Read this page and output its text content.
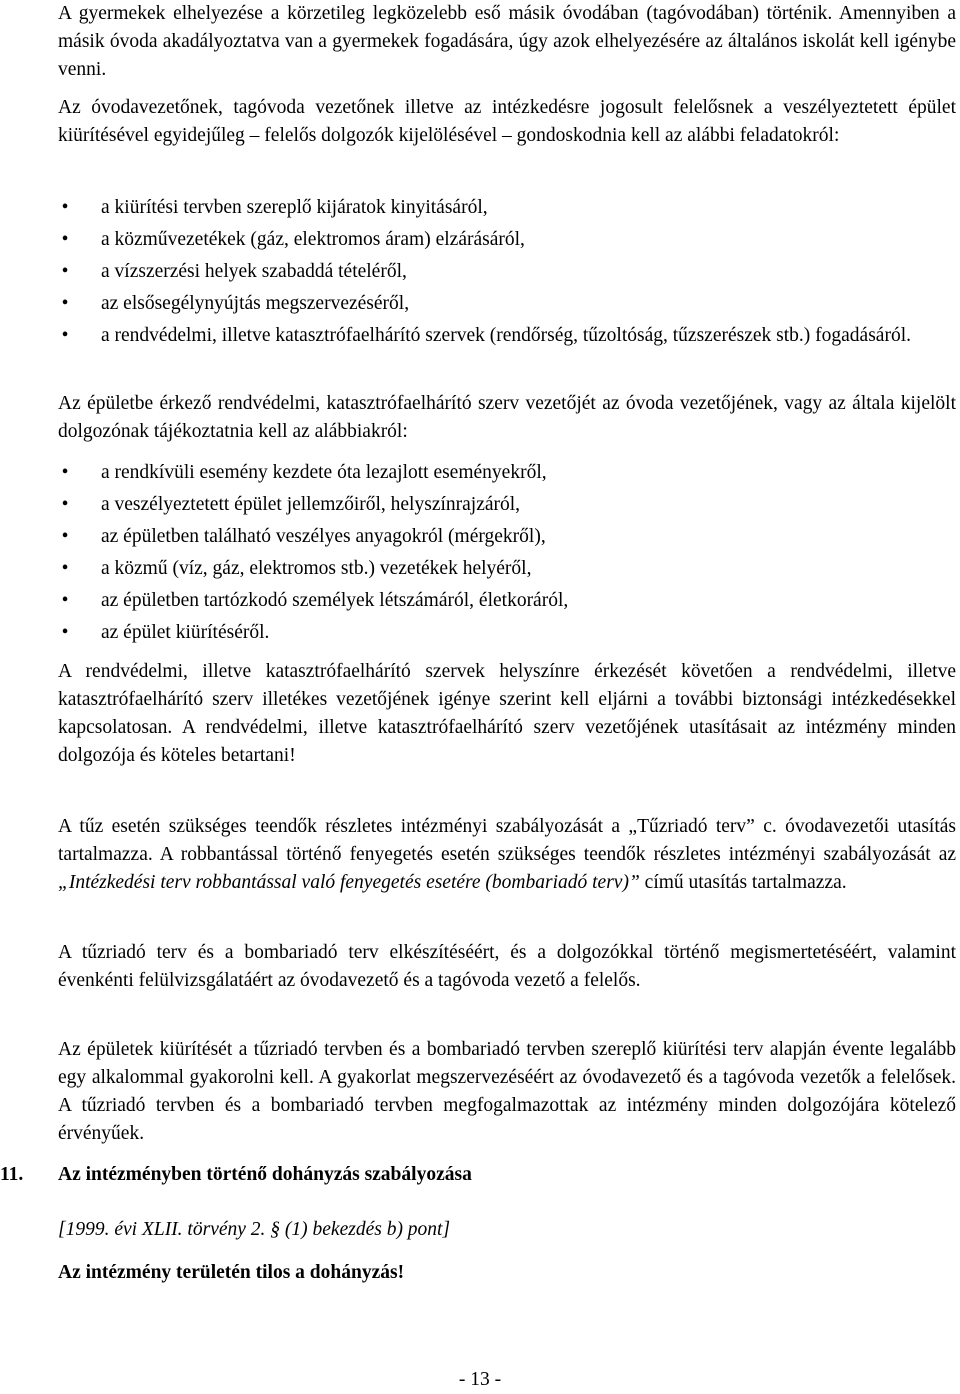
A gyermekek elhelyezése a körzetileg legközelebb eső másik óvodában (tagóvodában) történik. Amennyiben a másik óvoda akadályoztatva van a gyermekek fogadására, úgy azok elhelyezésére az általános iskolát kell igénybe venni.

Az óvodavezetőnek, tagóvoda vezetőnek illetve az intézkedésre jogosult felelősnek a veszélyeztetett épület kiürítésével egyidejűleg – felelős dolgozók kijelölésével – gondoskodnia kell az alábbi feladatokról:

• a kiürítési tervben szereplő kijáratok kinyitásáról,
• a közművezetékek (gáz, elektromos áram) elzárásáról,
• a vízszerzési helyek szabaddá tételéről,
• az elsősegélynyújtás megszervezéséről,
• a rendvédelmi, illetve katasztrófaelhárító szervek (rendőrség, tűzoltóság, tűzszerészek stb.) fogadásáról.

Az épületbe érkező rendvédelmi, katasztrófaelhárító szerv vezetőjét az óvoda vezetőjének, vagy az általa kijelölt dolgozónak tájékoztatnia kell az alábbiakról:

• a rendkívüli esemény kezdete óta lezajlott eseményekről,
• a veszélyeztetett épület jellemzőiről, helyszínrajzáról,
• az épületben található veszélyes anyagokról (mérgekről),
• a közmű (víz, gáz, elektromos stb.) vezetékek helyéről,
• az épületben tartózkodó személyek létszámáról, életkoráról,
• az épület kiürítéséről.

A rendvédelmi, illetve katasztrófaelhárító szervek helyszínre érkezését követően a rendvédelmi, illetve katasztrófaelhárító szerv illetékes vezetőjének igénye szerint kell eljárni a további biztonsági intézkedésekkel kapcsolatosan. A rendvédelmi, illetve katasztrófaelhárító szerv vezetőjének utasításait az intézmény minden dolgozója és köteles betartani!

A tűz esetén szükséges teendők részletes intézményi szabályozását a „Tűzriadó terv” c. óvodavezetői utasítás tartalmazza. A robbantással történő fenyegetés esetén szükséges teendők részletes intézményi szabályozását az „Intézkedési terv robbantással való fenyegetés esetére (bombariadó terv)” című utasítás tartalmazza.

A tűzriadó terv és a bombariadó terv elkészítéséért, és a dolgozókkal történő megismertetéséért, valamint évenkénti felülvizsgálatáért az óvodavezető és a tagóvoda vezető a felelős.

Az épületek kiürítését a tűzriadó tervben és a bombariadó tervben szereplő kiürítési terv alapján évente legalább egy alkalommal gyakorolni kell. A gyakorlat megszervezéséért az óvodavezető és a tagóvoda vezetők a felelősek. A tűzriadó tervben és a bombariadó tervben megfogalmazottak az intézmény minden dolgozójára kötelező érvényűek.

11.	Az intézményben történő dohányzás szabályozása
[1999. évi XLII. törvény 2. § (1) bekezdés b) pont]
Az intézmény területén tilos a dohányzás!
- 13 -
